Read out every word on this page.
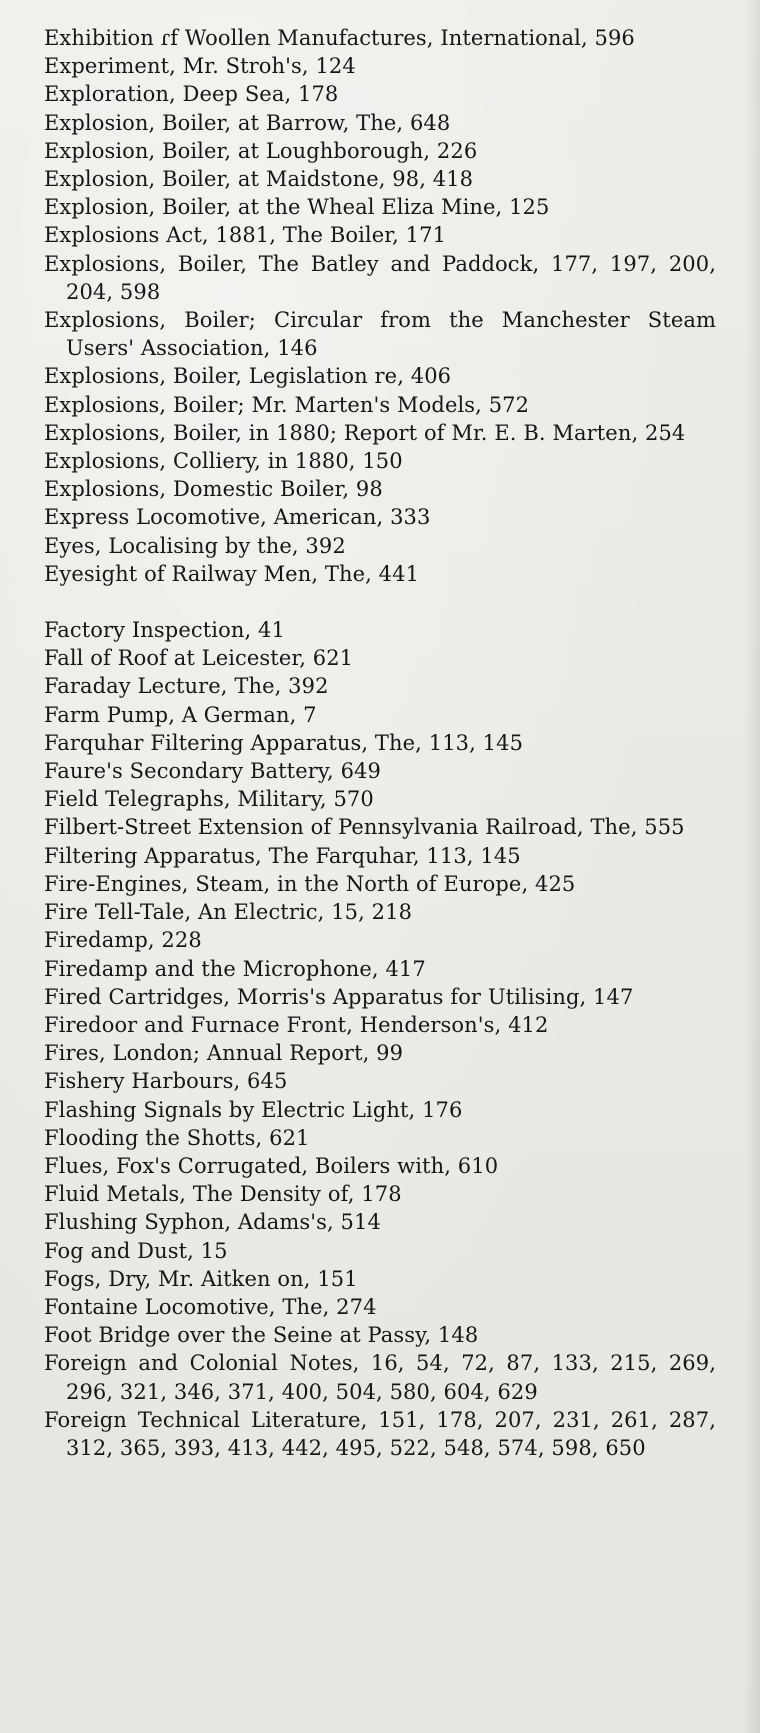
Exhibition ɾf Woollen Manufactures, International, 596

Experiment, Mr. Stroh's, 124

Exploration, Deep Sea, 178

Explosion, Boiler, at Barrow, The, 648

Explosion, Boiler, at Loughborough, 226

Explosion, Boiler, at Maidstone, 98, 418

Explosion, Boiler, at the Wheal Eliza Mine, 125

Explosions Act, 1881, The Boiler, 171

Explosions, Boiler, The Batley and Paddock, 177, 197, 200, 204, 598

Explosions, Boiler; Circular from the Manchester Steam Users' Association, 146

Explosions, Boiler, Legislation re, 406

Explosions, Boiler; Mr. Marten's Models, 572

Explosions, Boiler, in 1880; Report of Mr. E. B. Marten, 254

Explosions, Colliery, in 1880, 150

Explosions, Domestic Boiler, 98

Express Locomotive, American, 333

Eyes, Localising by the, 392

Eyesight of Railway Men, The, 441

Factory Inspection, 41

Fall of Roof at Leicester, 621

Faraday Lecture, The, 392

Farm Pump, A German, 7

Farquhar Filtering Apparatus, The, 113, 145

Faure's Secondary Battery, 649

Field Telegraphs, Military, 570

Filbert-Street Extension of Pennsylvania Railroad, The, 555

Filtering Apparatus, The Farquhar, 113, 145

Fire-Engines, Steam, in the North of Europe, 425

Fire Tell-Tale, An Electric, 15, 218

Firedamp, 228

Firedamp and the Microphone, 417

Fired Cartridges, Morris's Apparatus for Utilising, 147

Firedoor and Furnace Front, Henderson's, 412

Fires, London; Annual Report, 99

Fishery Harbours, 645

Flashing Signals by Electric Light, 176

Flooding the Shotts, 621

Flues, Fox's Corrugated, Boilers with, 610

Fluid Metals, The Density of, 178

Flushing Syphon, Adams's, 514

Fog and Dust, 15

Fogs, Dry, Mr. Aitken on, 151

Fontaine Locomotive, The, 274

Foot Bridge over the Seine at Passy, 148

Foreign and Colonial Notes, 16, 54, 72, 87, 133, 215, 269, 296, 321, 346, 371, 400, 504, 580, 604, 629

Foreign Technical Literature, 151, 178, 207, 231, 261, 287, 312, 365, 393, 413, 442, 495, 522, 548, 574, 598, 650
